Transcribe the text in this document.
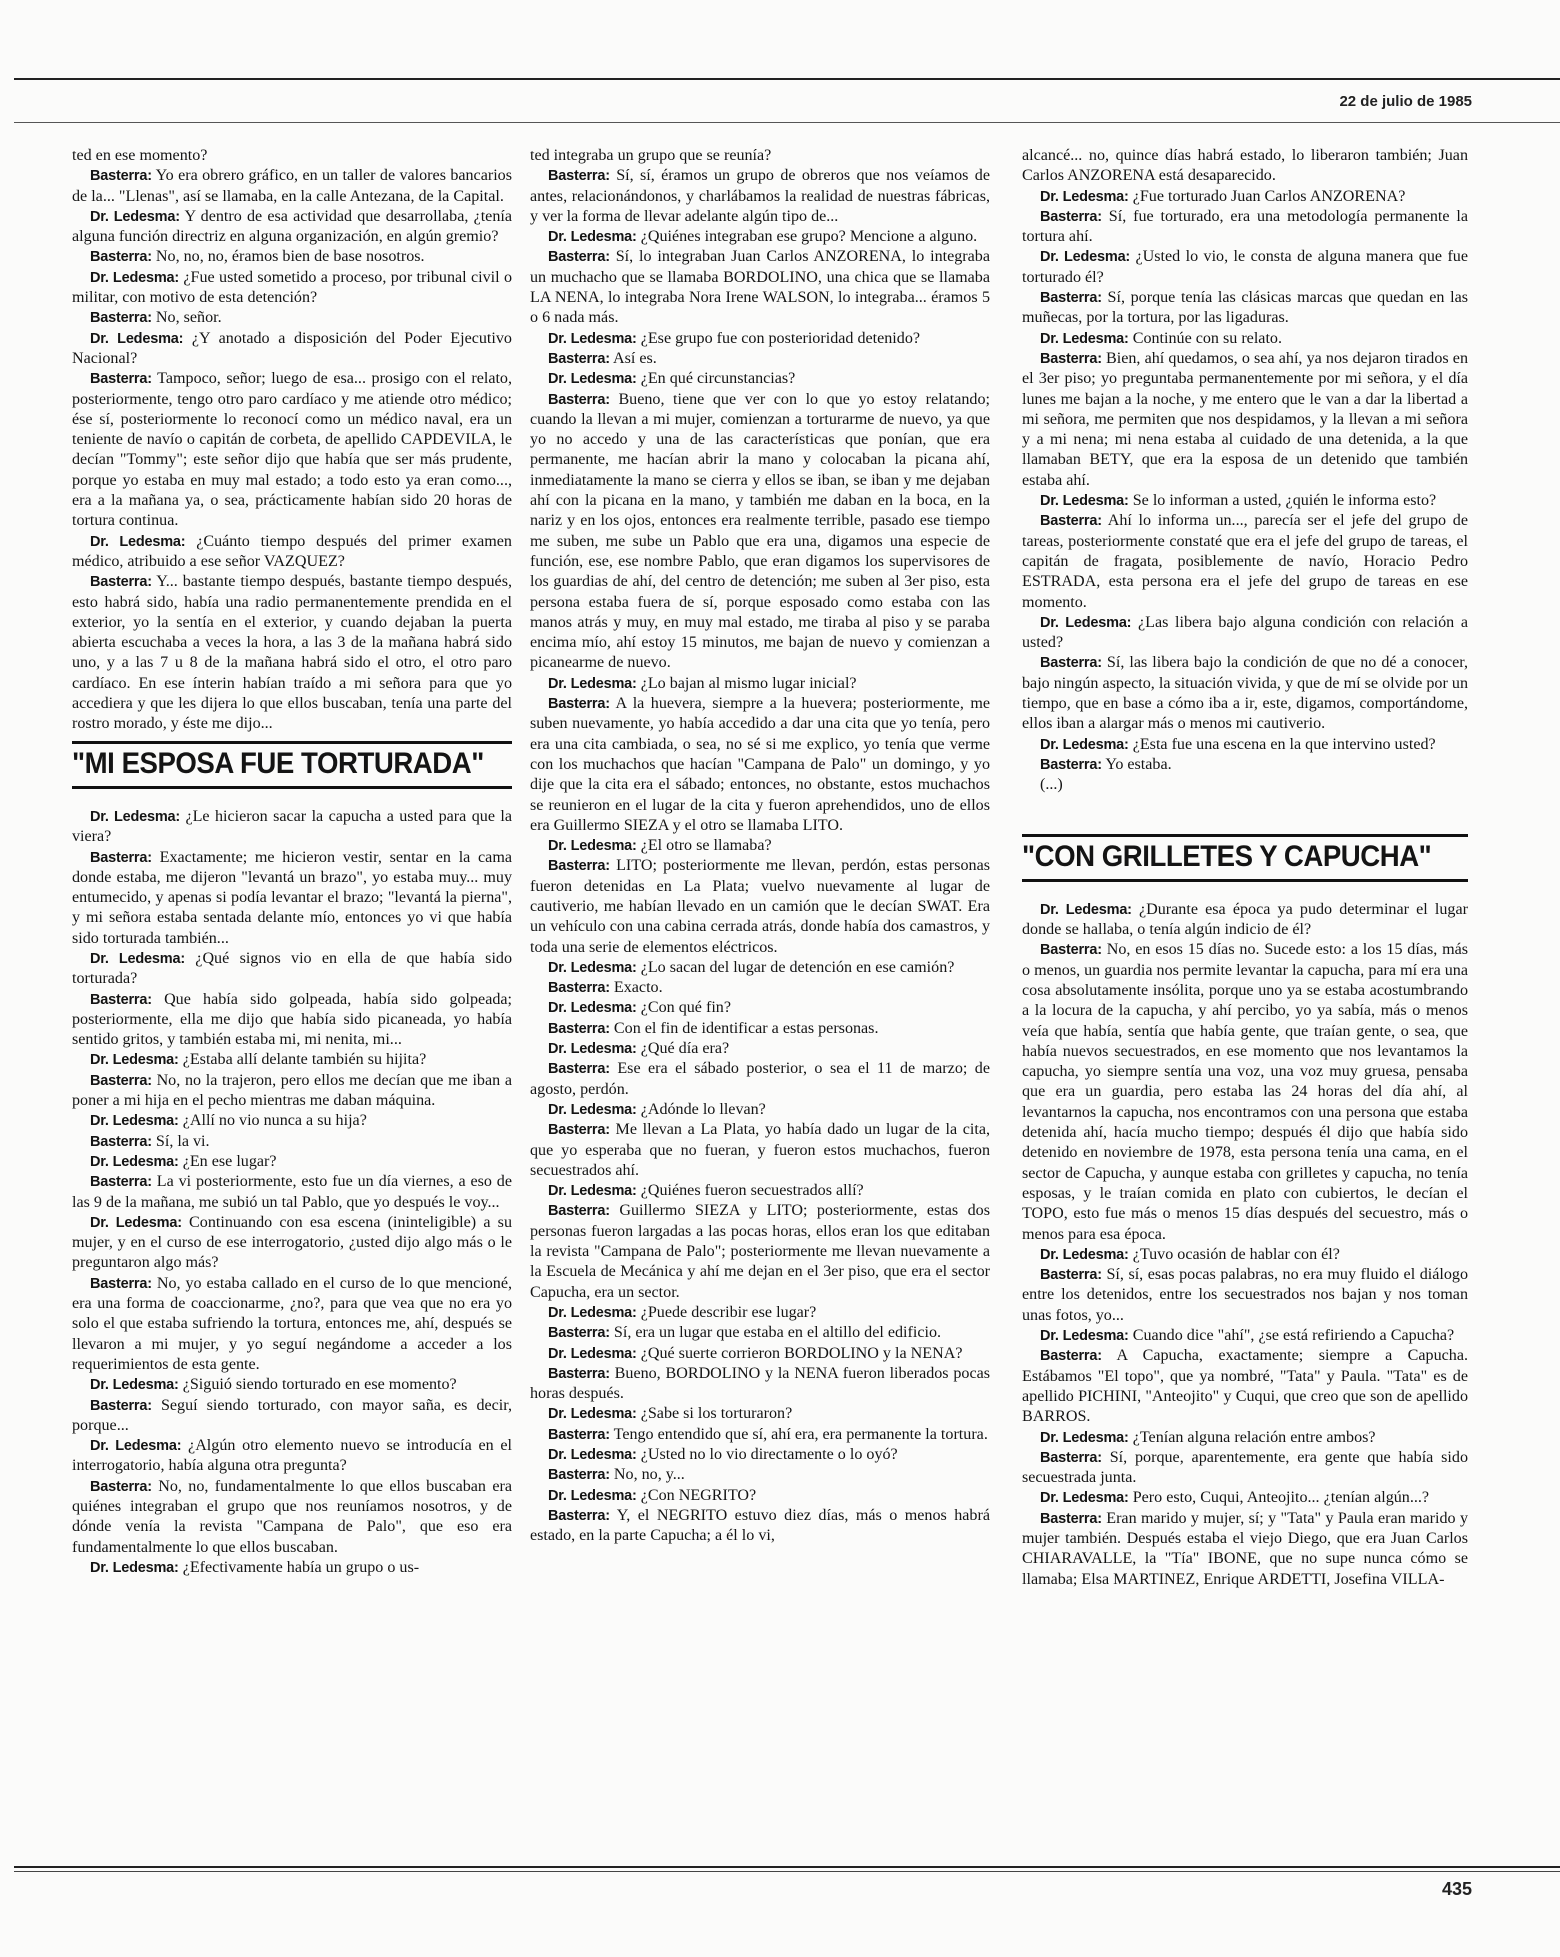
22 de julio de 1985

ted en ese momento?

Basterra: Yo era obrero gráfico, en un taller de valores bancarios de la... "Llenas", así se llamaba, en la calle Antezana, de la Capital.

Dr. Ledesma: Y dentro de esa actividad que desarrollaba, ¿tenía alguna función directriz en alguna organización, en algún gremio?

Basterra: No, no, no, éramos bien de base nosotros.

Dr. Ledesma: ¿Fue usted sometido a proceso, por tribunal civil o militar, con motivo de esta detención?

Basterra: No, señor.

Dr. Ledesma: ¿Y anotado a disposición del Poder Ejecutivo Nacional?

Basterra: Tampoco, señor; luego de esa... prosigo con el relato, posteriormente, tengo otro paro cardíaco y me atiende otro médico; ése sí, posteriormente lo reconocí como un médico naval, era un teniente de navío o capitán de corbeta, de apellido CAPDEVILA, le decían "Tommy"; este señor dijo que había que ser más prudente, porque yo estaba en muy mal estado; a todo esto ya eran como..., era a la mañana ya, o sea, prácticamente habían sido 20 horas de tortura continua.

Dr. Ledesma: ¿Cuánto tiempo después del primer examen médico, atribuido a ese señor VAZQUEZ?

Basterra: Y... bastante tiempo después, bastante tiempo después, esto habrá sido, había una radio permanentemente prendida en el exterior, yo la sentía en el exterior, y cuando dejaban la puerta abierta escuchaba a veces la hora, a las 3 de la mañana habrá sido uno, y a las 7 u 8 de la mañana habrá sido el otro, el otro paro cardíaco. En ese ínterin habían traído a mi señora para que yo accediera y que les dijera lo que ellos buscaban, tenía una parte del rostro morado, y éste me dijo...

"MI ESPOSA FUE TORTURADA"

Dr. Ledesma: ¿Le hicieron sacar la capucha a usted para que la viera?

Basterra: Exactamente; me hicieron vestir, sentar en la cama donde estaba, me dijeron "levantá un brazo", yo estaba muy... muy entumecido, y apenas si podía levantar el brazo; "levantá la pierna", y mi señora estaba sentada delante mío, entonces yo vi que había sido torturada también...

Dr. Ledesma: ¿Qué signos vio en ella de que había sido torturada?

Basterra: Que había sido golpeada, había sido golpeada; posteriormente, ella me dijo que había sido picaneada, yo había sentido gritos, y también estaba mi, mi nenita, mi...

Dr. Ledesma: ¿Estaba allí delante también su hijita?

Basterra: No, no la trajeron, pero ellos me decían que me iban a poner a mi hija en el pecho mientras me daban máquina.

Dr. Ledesma: ¿Allí no vio nunca a su hija?

Basterra: Sí, la vi.

Dr. Ledesma: ¿En ese lugar?

Basterra: La vi posteriormente, esto fue un día viernes, a eso de las 9 de la mañana, me subió un tal Pablo, que yo después le voy...

Dr. Ledesma: Continuando con esa escena (ininteligible) a su mujer, y en el curso de ese interrogatorio, ¿usted dijo algo más o le preguntaron algo más?

Basterra: No, yo estaba callado en el curso de lo que mencioné, era una forma de coaccionarme, ¿no?, para que vea que no era yo solo el que estaba sufriendo la tortura, entonces me, ahí, después se llevaron a mi mujer, y yo seguí negándome a acceder a los requerimientos de esta gente.

Dr. Ledesma: ¿Siguió siendo torturado en ese momento?

Basterra: Seguí siendo torturado, con mayor saña, es decir, porque...

Dr. Ledesma: ¿Algún otro elemento nuevo se introducía en el interrogatorio, había alguna otra pregunta?

Basterra: No, no, fundamentalmente lo que ellos buscaban era quiénes integraban el grupo que nos reuníamos nosotros, y de dónde venía la revista "Campana de Palo", que eso era fundamentalmente lo que ellos buscaban.

Dr. Ledesma: ¿Efectivamente había un grupo o us-

ted integraba un grupo que se reunía?

Basterra: Sí, sí, éramos un grupo de obreros que nos veíamos de antes, relacionándonos, y charlábamos la realidad de nuestras fábricas, y ver la forma de llevar adelante algún tipo de...

Dr. Ledesma: ¿Quiénes integraban ese grupo? Mencione a alguno.

Basterra: Sí, lo integraban Juan Carlos ANZORENA, lo integraba un muchacho que se llamaba BORDOLINO, una chica que se llamaba LA NENA, lo integraba Nora Irene WALSON, lo integraba... éramos 5 o 6 nada más.

Dr. Ledesma: ¿Ese grupo fue con posterioridad detenido?

Basterra: Así es.

Dr. Ledesma: ¿En qué circunstancias?

Basterra: Bueno, tiene que ver con lo que yo estoy relatando; cuando la llevan a mi mujer, comienzan a torturarme de nuevo, ya que yo no accedo y una de las características que ponían, que era permanente, me hacían abrir la mano y colocaban la picana ahí, inmediatamente la mano se cierra y ellos se iban, se iban y me dejaban ahí con la picana en la mano, y también me daban en la boca, en la nariz y en los ojos, entonces era realmente terrible, pasado ese tiempo me suben, me sube un Pablo que era una, digamos una especie de función, ese, ese nombre Pablo, que eran digamos los supervisores de los guardias de ahí, del centro de detención; me suben al 3er piso, esta persona estaba fuera de sí, porque esposado como estaba con las manos atrás y muy, en muy mal estado, me tiraba al piso y se paraba encima mío, ahí estoy 15 minutos, me bajan de nuevo y comienzan a picanearme de nuevo.

Dr. Ledesma: ¿Lo bajan al mismo lugar inicial?

Basterra: A la huevera, siempre a la huevera; posteriormente, me suben nuevamente, yo había accedido a dar una cita que yo tenía, pero era una cita cambiada, o sea, no sé si me explico, yo tenía que verme con los muchachos que hacían "Campana de Palo" un domingo, y yo dije que la cita era el sábado; entonces, no obstante, estos muchachos se reunieron en el lugar de la cita y fueron aprehendidos, uno de ellos era Guillermo SIEZA y el otro se llamaba LITO.

Dr. Ledesma: ¿El otro se llamaba?

Basterra: LITO; posteriormente me llevan, perdón, estas personas fueron detenidas en La Plata; vuelvo nuevamente al lugar de cautiverio, me habían llevado en un camión que le decían SWAT. Era un vehículo con una cabina cerrada atrás, donde había dos camastros, y toda una serie de elementos eléctricos.

Dr. Ledesma: ¿Lo sacan del lugar de detención en ese camión?

Basterra: Exacto.

Dr. Ledesma: ¿Con qué fin?

Basterra: Con el fin de identificar a estas personas.

Dr. Ledesma: ¿Qué día era?

Basterra: Ese era el sábado posterior, o sea el 11 de marzo; de agosto, perdón.

Dr. Ledesma: ¿Adónde lo llevan?

Basterra: Me llevan a La Plata, yo había dado un lugar de la cita, que yo esperaba que no fueran, y fueron estos muchachos, fueron secuestrados ahí.

Dr. Ledesma: ¿Quiénes fueron secuestrados allí?

Basterra: Guillermo SIEZA y LITO; posteriormente, estas dos personas fueron largadas a las pocas horas, ellos eran los que editaban la revista "Campana de Palo"; posteriormente me llevan nuevamente a la Escuela de Mecánica y ahí me dejan en el 3er piso, que era el sector Capucha, era un sector.

Dr. Ledesma: ¿Puede describir ese lugar?

Basterra: Sí, era un lugar que estaba en el altillo del edificio.

Dr. Ledesma: ¿Qué suerte corrieron BORDOLINO y la NENA?

Basterra: Bueno, BORDOLINO y la NENA fueron liberados pocas horas después.

Dr. Ledesma: ¿Sabe si los torturaron?

Basterra: Tengo entendido que sí, ahí era, era permanente la tortura.

Dr. Ledesma: ¿Usted no lo vio directamente o lo oyó?

Basterra: No, no, y...

Dr. Ledesma: ¿Con NEGRITO?

Basterra: Y, el NEGRITO estuvo diez días, más o menos habrá estado, en la parte Capucha; a él lo vi,

alcancé... no, quince días habrá estado, lo liberaron también; Juan Carlos ANZORENA está desaparecido.

Dr. Ledesma: ¿Fue torturado Juan Carlos ANZORENA?

Basterra: Sí, fue torturado, era una metodología permanente la tortura ahí.

Dr. Ledesma: ¿Usted lo vio, le consta de alguna manera que fue torturado él?

Basterra: Sí, porque tenía las clásicas marcas que quedan en las muñecas, por la tortura, por las ligaduras.

Dr. Ledesma: Continúe con su relato.

Basterra: Bien, ahí quedamos, o sea ahí, ya nos dejaron tirados en el 3er piso; yo preguntaba permanentemente por mi señora, y el día lunes me bajan a la noche, y me entero que le van a dar la libertad a mi señora, me permiten que nos despidamos, y la llevan a mi señora y a mi nena; mi nena estaba al cuidado de una detenida, a la que llamaban BETY, que era la esposa de un detenido que también estaba ahí.

Dr. Ledesma: Se lo informan a usted, ¿quién le informa esto?

Basterra: Ahí lo informa un..., parecía ser el jefe del grupo de tareas, posteriormente constaté que era el jefe del grupo de tareas, el capitán de fragata, posiblemente de navío, Horacio Pedro ESTRADA, esta persona era el jefe del grupo de tareas en ese momento.

Dr. Ledesma: ¿Las libera bajo alguna condición con relación a usted?

Basterra: Sí, las libera bajo la condición de que no dé a conocer, bajo ningún aspecto, la situación vivida, y que de mí se olvide por un tiempo, que en base a cómo iba a ir, este, digamos, comportándome, ellos iban a alargar más o menos mi cautiverio.

Dr. Ledesma: ¿Esta fue una escena en la que intervino usted?

Basterra: Yo estaba.

(...)

"CON GRILLETES Y CAPUCHA"

Dr. Ledesma: ¿Durante esa época ya pudo determinar el lugar donde se hallaba, o tenía algún indicio de él?

Basterra: No, en esos 15 días no. Sucede esto: a los 15 días, más o menos, un guardia nos permite levantar la capucha, para mí era una cosa absolutamente insólita, porque uno ya se estaba acostumbrando a la locura de la capucha, y ahí percibo, yo ya sabía, más o menos veía que había, sentía que había gente, que traían gente, o sea, que había nuevos secuestrados, en ese momento que nos levantamos la capucha, yo siempre sentía una voz, una voz muy gruesa, pensaba que era un guardia, pero estaba las 24 horas del día ahí, al levantarnos la capucha, nos encontramos con una persona que estaba detenida ahí, hacía mucho tiempo; después él dijo que había sido detenido en noviembre de 1978, esta persona tenía una cama, en el sector de Capucha, y aunque estaba con grilletes y capucha, no tenía esposas, y le traían comida en plato con cubiertos, le decían el TOPO, esto fue más o menos 15 días después del secuestro, más o menos para esa época.

Dr. Ledesma: ¿Tuvo ocasión de hablar con él?

Basterra: Sí, sí, esas pocas palabras, no era muy fluido el diálogo entre los detenidos, entre los secuestrados nos bajan y nos toman unas fotos, yo...

Dr. Ledesma: Cuando dice "ahí", ¿se está refiriendo a Capucha?

Basterra: A Capucha, exactamente; siempre a Capucha. Estábamos "El topo", que ya nombré, "Tata" y Paula. "Tata" es de apellido PICHINI, "Anteojito" y Cuqui, que creo que son de apellido BARROS.

Dr. Ledesma: ¿Tenían alguna relación entre ambos?

Basterra: Sí, porque, aparentemente, era gente que había sido secuestrada junta.

Dr. Ledesma: Pero esto, Cuqui, Anteojito... ¿tenían algún...?

Basterra: Eran marido y mujer, sí; y "Tata" y Paula eran marido y mujer también. Después estaba el viejo Diego, que era Juan Carlos CHIARAVALLE, la "Tía" IBONE, que no supe nunca cómo se llamaba; Elsa MARTINEZ, Enrique ARDETTI, Josefina VILLA-

435
